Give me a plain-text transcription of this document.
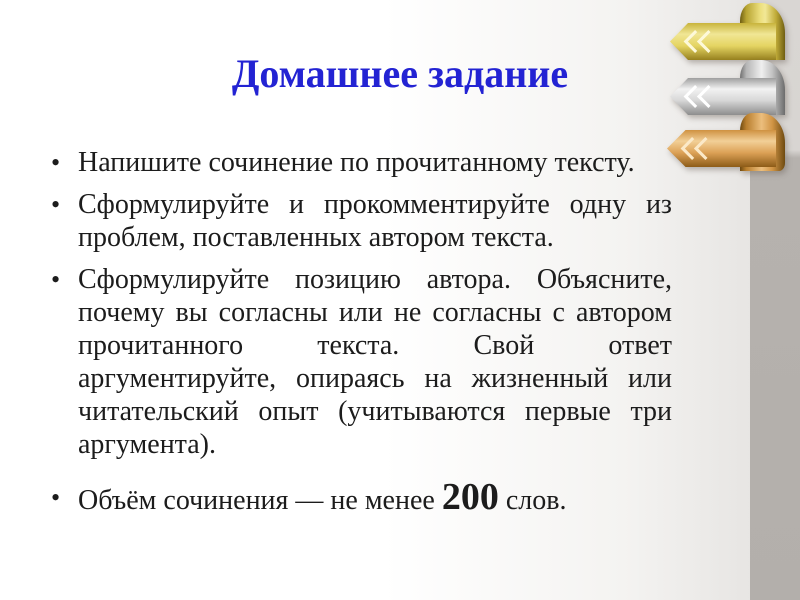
Домашнее задание
• Напишите сочинение по прочитанному тексту.
• Сформулируйте и прокомментируйте одну из проблем, поставленных автором текста.
• Сформулируйте позицию автора. Объясните, почему вы согласны или не согласны с автором прочитанного текста. Свой ответ аргументируйте, опираясь на жизненный или читательский опыт (учитываются первые три аргумента).
• Объём сочинения — не менее 200 слов.
